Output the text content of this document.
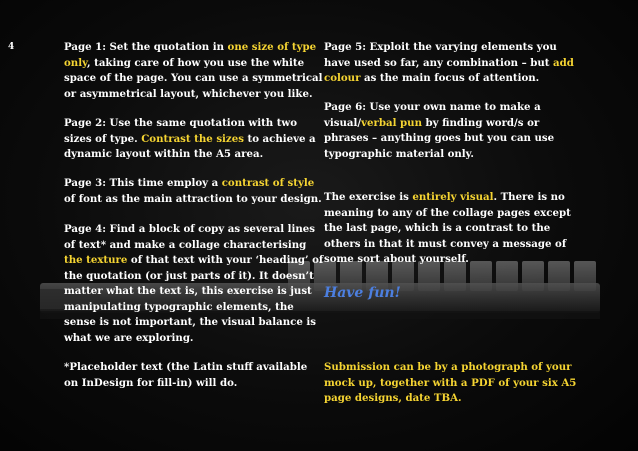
4	Page 1: Set the quotation in one size of type only, taking care of how you use the white space of the page. You can use a symmetrical or asymmetrical layout, whichever you like.

Page 2: Use the same quotation with two sizes of type. Contrast the sizes to achieve a dynamic layout within the A5 area.

Page 3: This time employ a contrast of style of font as the main attraction to your design.

Page 4: Find a block of copy as several lines of text* and make a collage characterising the texture of that text with your ‘heading’ of the quotation (or just parts of it). It doesn’t matter what the text is, this exercise is just manipulating typographic elements, the sense is not important, the visual balance is what we are exploring.

*Placeholder text (the Latin stuff available on InDesign for fill-in) will do.

Page 5: Exploit the varying elements you have used so far, any combination – but add colour as the main focus of attention.

Page 6: Use your own name to make a visual/verbal pun by finding word/s or phrases – anything goes but you can use typographic material only.

The exercise is entirely visual. There is no meaning to any of the collage pages except the last page, which is a contrast to the others in that it must convey a message of some sort about yourself.

Have fun!

Submission can be by a photograph of your mock up, together with a PDF of your six A5 page designs, date TBA.
